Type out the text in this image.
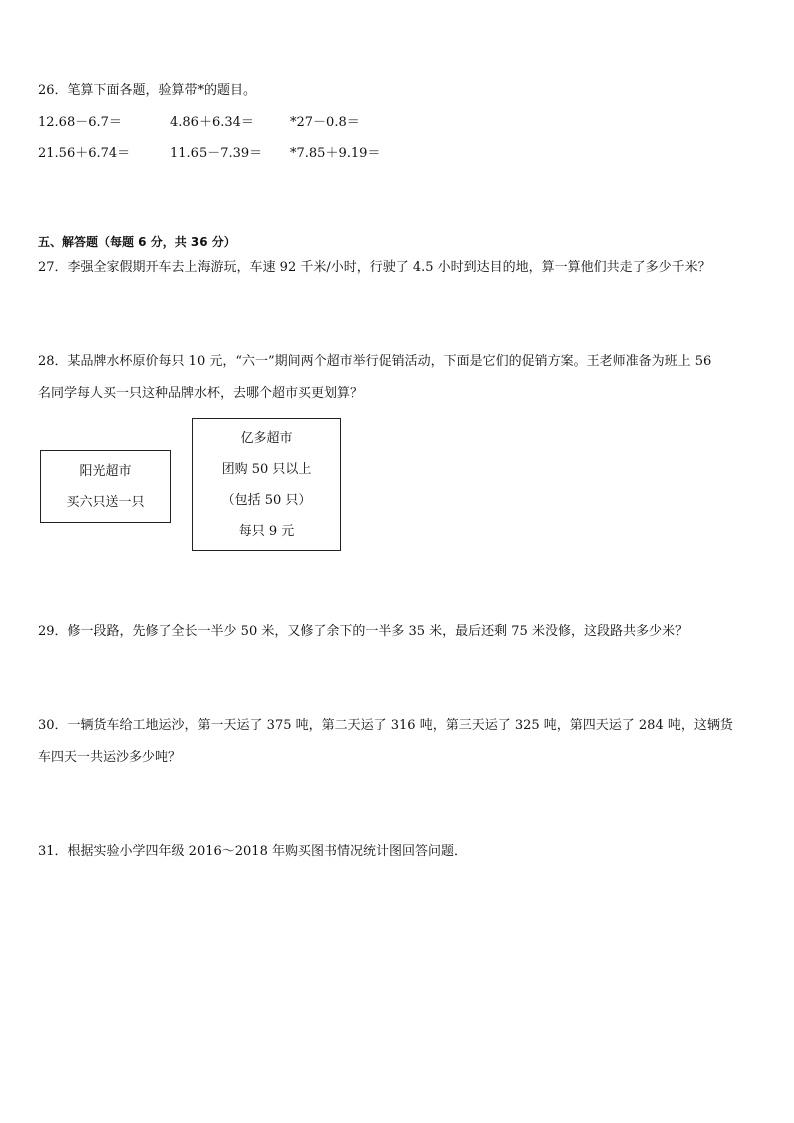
26．笔算下面各题，验算带*的题目。
12.68－6.7＝	4.86＋6.34＝	*27－0.8＝
21.56＋6.74＝	11.65－7.39＝ *7.85＋9.19＝
五、解答题（每题 6 分，共 36 分）
27．李强全家假期开车去上海游玩，车速 92 千米/小时，行驶了 4.5 小时到达目的地，算一算他们共走了多少千米？
28．某品牌水杯原价每只 10 元，“六一”期间两个超市举行促销活动，下面是它们的促销方案。王老师准备为班上 56
名同学每人买一只这种品牌水杯，去哪个超市买更划算？
阳光超市
买六只送一只
亿多超市
团购 50 只以上
（包括 50 只）
每只 9 元
29．修一段路，先修了全长一半少 50 米，又修了余下的一半多 35 米，最后还剩 75 米没修，这段路共多少米？
30．一辆货车给工地运沙，第一天运了 375 吨，第二天运了 316 吨，第三天运了 325 吨，第四天运了 284 吨，这辆货
车四天一共运沙多少吨？
31．根据实验小学四年级 2016～2018 年购买图书情况统计图回答问题．
